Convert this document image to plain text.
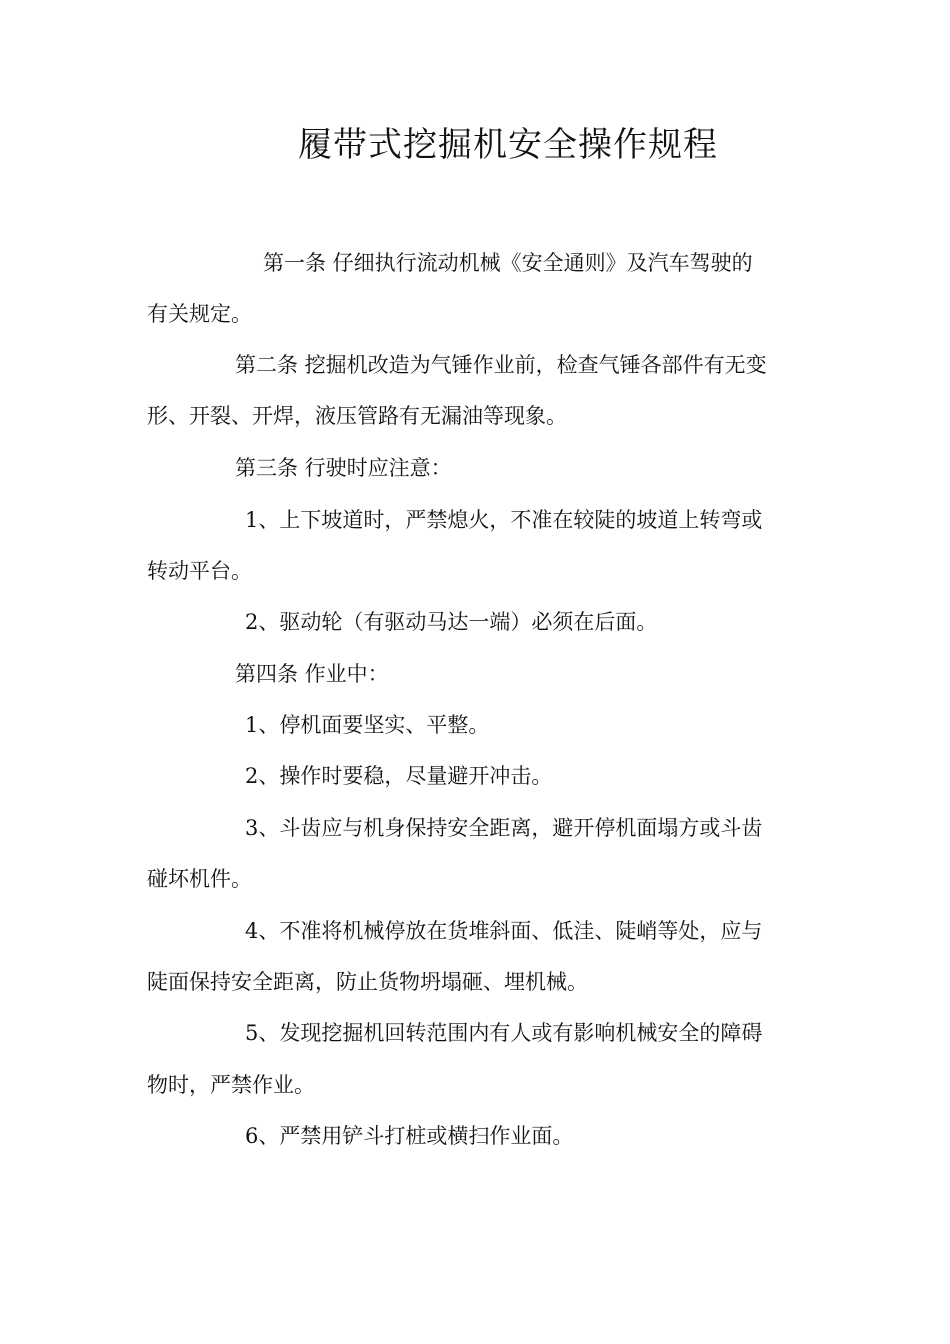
履带式挖掘机安全操作规程
第一条 仔细执行流动机械《安全通则》及汽车驾驶的
有关规定。
第二条 挖掘机改造为气锤作业前，检查气锤各部件有无变
形、开裂、开焊，液压管路有无漏油等现象。
第三条 行驶时应注意：
1、上下坡道时，严禁熄火，不准在较陡的坡道上转弯或
转动平台。
2、驱动轮（有驱动马达一端）必须在后面。
第四条 作业中：
1、停机面要坚实、平整。
2、操作时要稳，尽量避开冲击。
3、斗齿应与机身保持安全距离，避开停机面塌方或斗齿
碰坏机件。
4、不准将机械停放在货堆斜面、低洼、陡峭等处，应与
陡面保持安全距离，防止货物坍塌砸、埋机械。
5、发现挖掘机回转范围内有人或有影响机械安全的障碍
物时，严禁作业。
6、严禁用铲斗打桩或横扫作业面。
